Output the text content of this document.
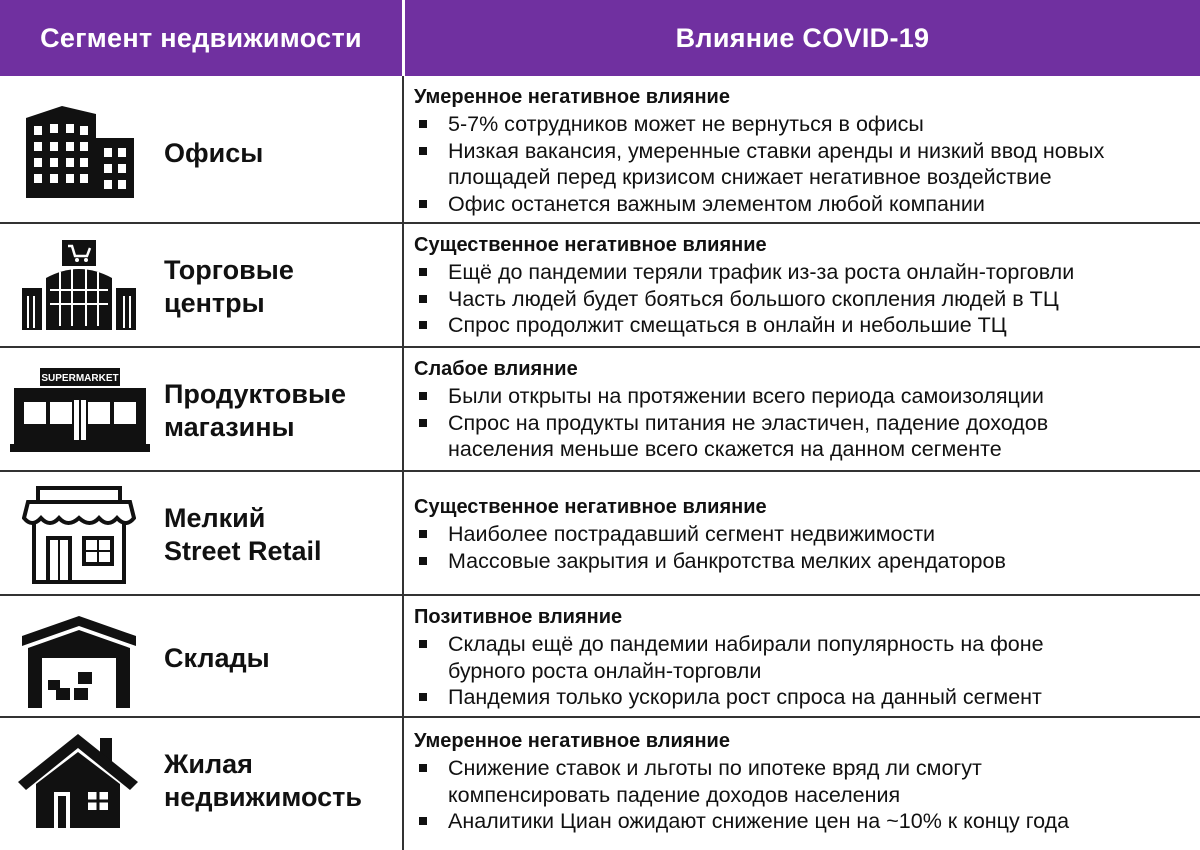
Сегмент недвижимости	Влияние COVID-19
Офисы
Умеренное негативное влияние
5-7% сотрудников может не вернуться в офисы
Низкая вакансия, умеренные ставки аренды и низкий ввод новых
площадей перед кризисом снижает негативное воздействие
Офис останется важным элементом любой компании
Торговые
центры
Существенное негативное влияние
Ещё до пандемии теряли трафик из-за роста онлайн-торговли
Часть людей будет бояться большого скопления людей в ТЦ
Спрос продолжит смещаться в онлайн и небольшие ТЦ
SUPERMARKET
Продуктовые
магазины
Слабое влияние
Были открыты на протяжении всего периода самоизоляции
Спрос на продукты питания не эластичен, падение доходов
населения меньше всего скажется на данном сегменте
Мелкий
Street Retail
Существенное негативное влияние
Наиболее пострадавший сегмент недвижимости
Массовые закрытия и банкротства мелких арендаторов
Склады
Позитивное влияние
Склады ещё до пандемии набирали популярность на фоне
бурного роста онлайн-торговли
Пандемия только ускорила рост спроса на данный сегмент
Жилая
недвижимость
Умеренное негативное влияние
Снижение ставок и льготы по ипотеке вряд ли смогут
компенсировать падение доходов населения
Аналитики Циан ожидают снижение цен на ~10% к концу года
